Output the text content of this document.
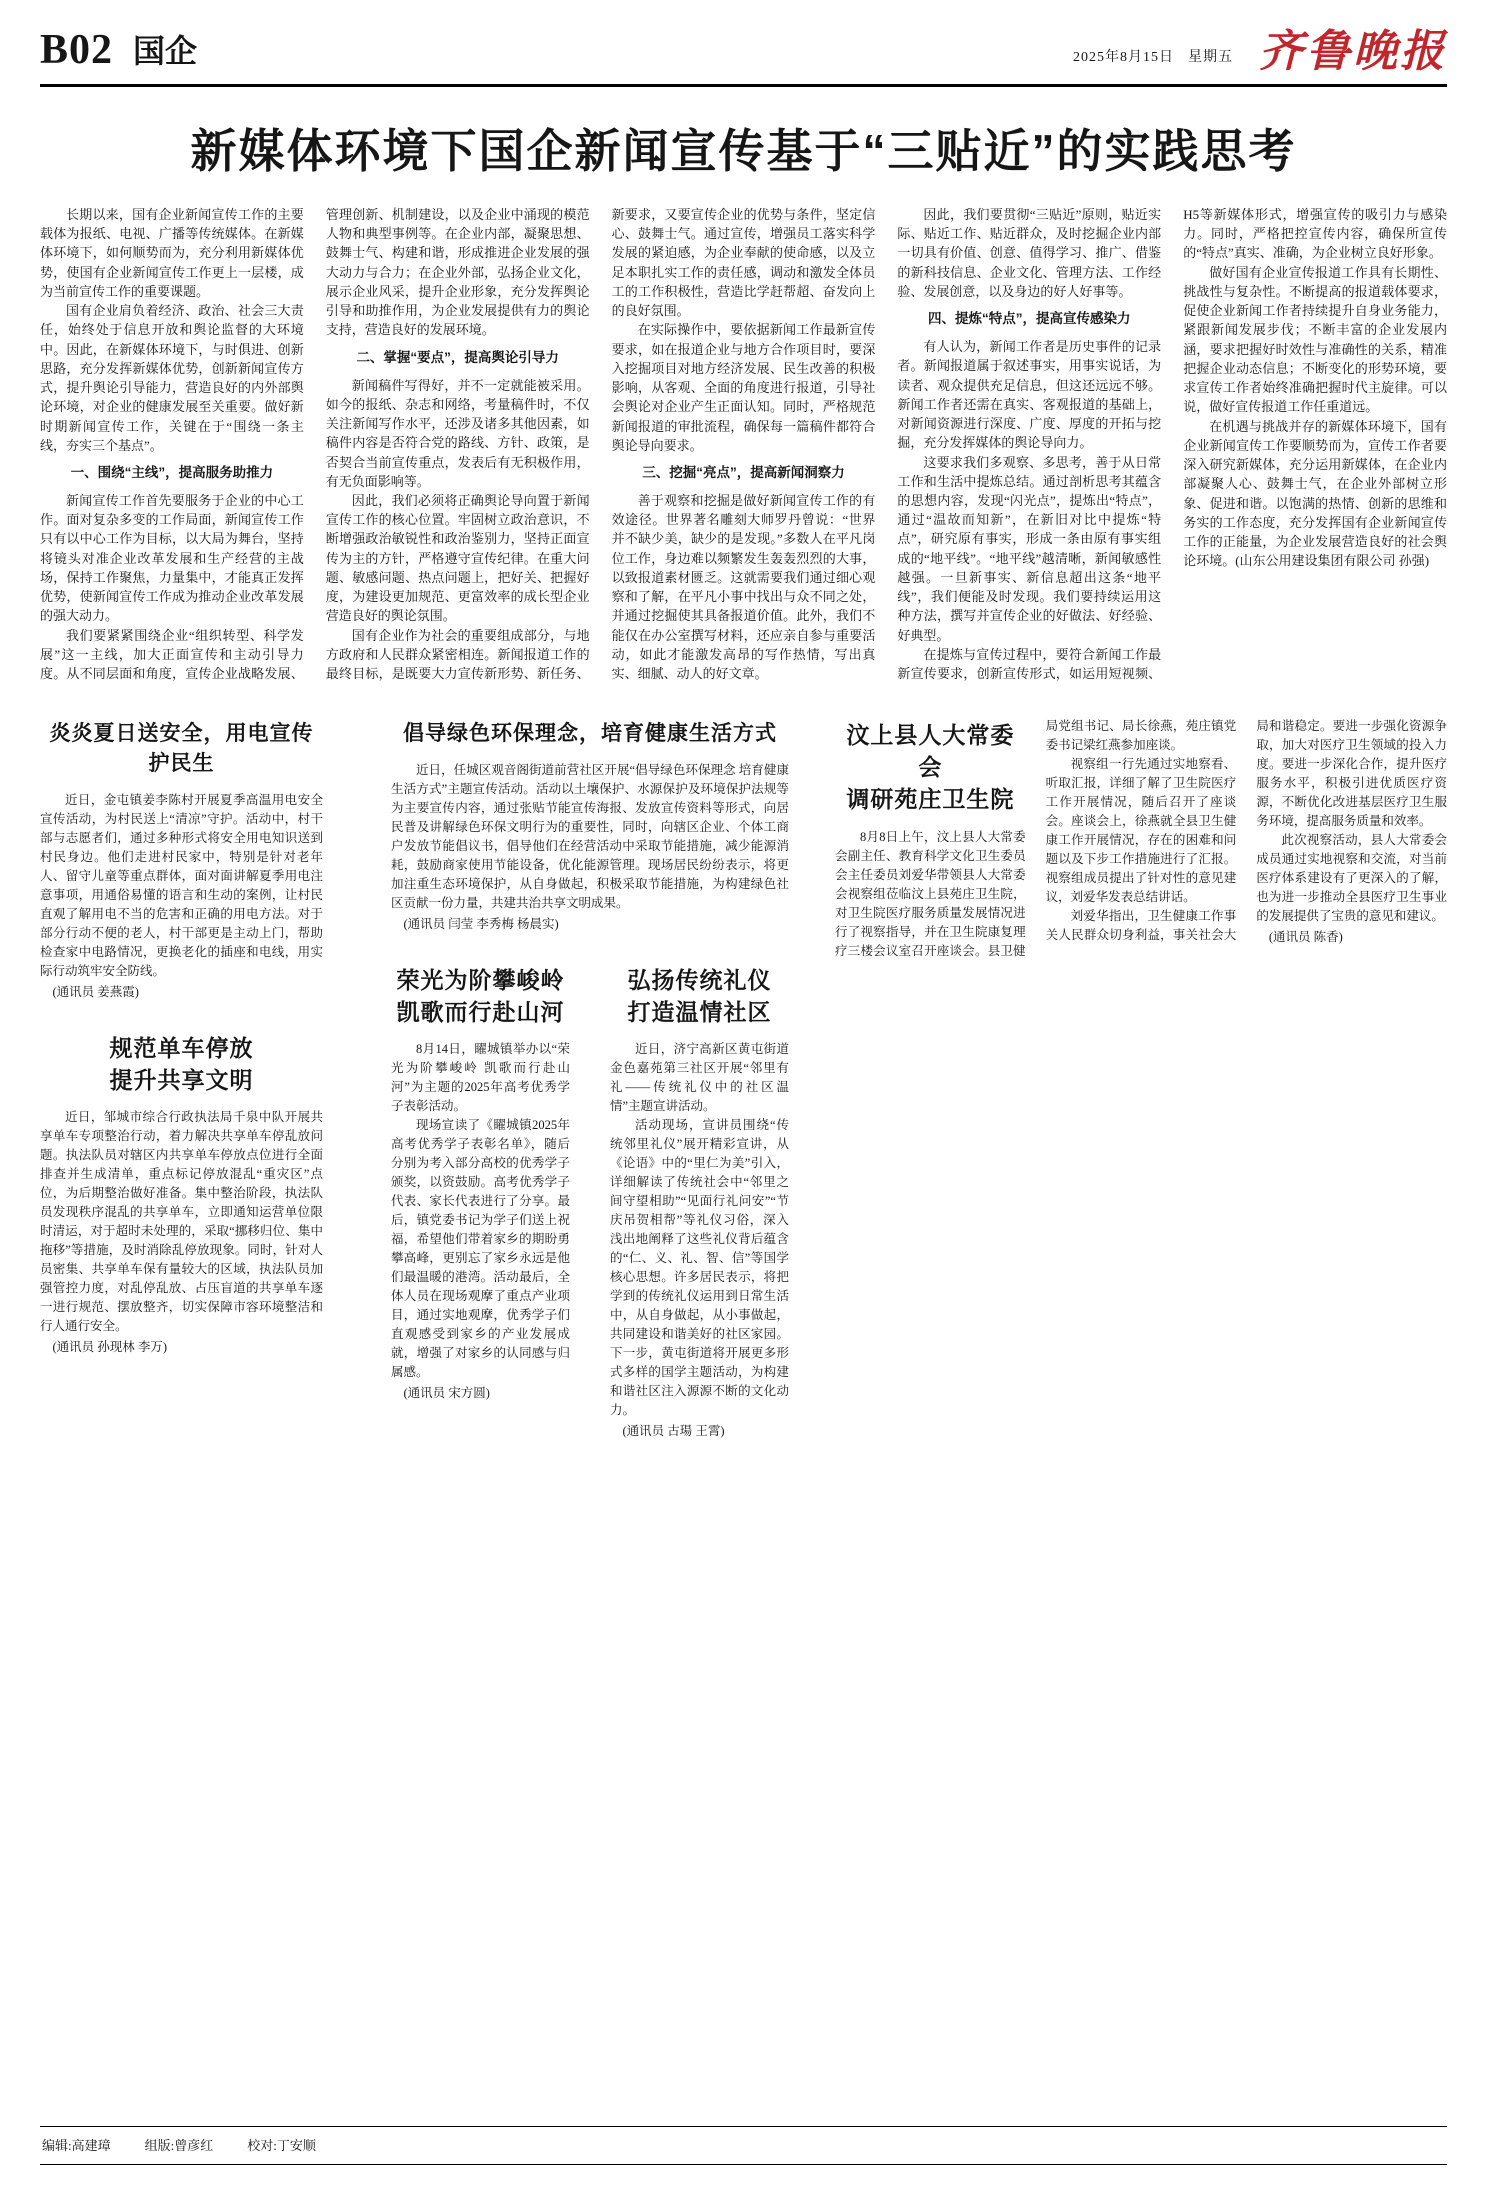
B02 国企	2025年8月15日 星期五 齐鲁晚报
新媒体环境下国企新闻宣传基于“三贴近”的实践思考

长期以来，国有企业新闻宣传工作的主要载体为报纸、电视、广播等传统媒体。在新媒体环境下，如何顺势而为，充分利用新媒体优势，使国有企业新闻宣传工作更上一层楼，成为当前宣传工作的重要课题。

国有企业肩负着经济、政治、社会三大责任，始终处于信息开放和舆论监督的大环境中。因此，在新媒体环境下，与时俱进、创新思路，充分发挥新媒体优势，创新新闻宣传方式，提升舆论引导能力，营造良好的内外部舆论环境，对企业的健康发展至关重要。做好新时期新闻宣传工作，关键在于“围绕一条主线，夯实三个基点”。

一、围绕“主线”，提高服务助推力

新闻宣传工作首先要服务于企业的中心工作。面对复杂多变的工作局面，新闻宣传工作只有以中心工作为目标，以大局为舞台，坚持将镜头对准企业改革发展和生产经营的主战场，保持工作聚焦，力量集中，才能真正发挥优势，使新闻宣传工作成为推动企业改革发展的强大动力。

我们要紧紧围绕企业“组织转型、科学发展”这一主线，加大正面宣传和主动引导力度。从不同层面和角度，宣传企业战略发展、管理创新、机制建设，以及企业中涌现的模范人物和典型事例等。在企业内部，凝聚思想、鼓舞士气、构建和谐，形成推进企业发展的强大动力与合力；在企业外部，弘扬企业文化，展示企业风采，提升企业形象，充分发挥舆论引导和助推作用，为企业发展提供有力的舆论支持，营造良好的发展环境。

二、掌握“要点”，提高舆论引导力

新闻稿件写得好，并不一定就能被采用。如今的报纸、杂志和网络，考量稿件时，不仅关注新闻写作水平，还涉及诸多其他因素，如稿件内容是否符合党的路线、方针、政策，是否契合当前宣传重点，发表后有无积极作用，有无负面影响等。

因此，我们必须将正确舆论导向置于新闻宣传工作的核心位置。牢固树立政治意识，不断增强政治敏锐性和政治鉴别力，坚持正面宣传为主的方针，严格遵守宣传纪律。在重大问题、敏感问题、热点问题上，把好关、把握好度，为建设更加规范、更富效率的成长型企业营造良好的舆论氛围。

国有企业作为社会的重要组成部分，与地方政府和人民群众紧密相连。新闻报道工作的最终目标，是既要大力宣传新形势、新任务、新要求，又要宣传企业的优势与条件，坚定信心、鼓舞士气。通过宣传，增强员工落实科学发展的紧迫感，为企业奉献的使命感，以及立足本职扎实工作的责任感，调动和激发全体员工的工作积极性，营造比学赶帮超、奋发向上的良好氛围。

在实际操作中，要依据新闻工作最新宣传要求，如在报道企业与地方合作项目时，要深入挖掘项目对地方经济发展、民生改善的积极影响，从客观、全面的角度进行报道，引导社会舆论对企业产生正面认知。同时，严格规范新闻报道的审批流程，确保每一篇稿件都符合舆论导向要求。

三、挖掘“亮点”，提高新闻洞察力

善于观察和挖掘是做好新闻宣传工作的有效途径。世界著名雕刻大师罗丹曾说：“世界并不缺少美，缺少的是发现。”多数人在平凡岗位工作，身边难以频繁发生轰轰烈烈的大事，以致报道素材匮乏。这就需要我们通过细心观察和了解，在平凡小事中找出与众不同之处，并通过挖掘使其具备报道价值。此外，我们不能仅在办公室撰写材料，还应亲自参与重要活动，如此才能激发高昂的写作热情，写出真实、细腻、动人的好文章。

因此，我们要贯彻“三贴近”原则，贴近实际、贴近工作、贴近群众，及时挖掘企业内部一切具有价值、创意、值得学习、推广、借鉴的新科技信息、企业文化、管理方法、工作经验、发展创意，以及身边的好人好事等。

四、提炼“特点”，提高宣传感染力

有人认为，新闻工作者是历史事件的记录者。新闻报道属于叙述事实，用事实说话，为读者、观众提供充足信息，但这还远远不够。新闻工作者还需在真实、客观报道的基础上，对新闻资源进行深度、广度、厚度的开拓与挖掘，充分发挥媒体的舆论导向力。

这要求我们多观察、多思考，善于从日常工作和生活中提炼总结。通过剖析思考其蕴含的思想内容，发现“闪光点”，提炼出“特点”，通过“温故而知新”，在新旧对比中提炼“特点”，研究原有事实，形成一条由原有事实组成的“地平线”。“地平线”越清晰，新闻敏感性越强。一旦新事实、新信息超出这条“地平线”，我们便能及时发现。我们要持续运用这种方法，撰写并宣传企业的好做法、好经验、好典型。

在提炼与宣传过程中，要符合新闻工作最新宣传要求，创新宣传形式，如运用短视频、H5等新媒体形式，增强宣传的吸引力与感染力。同时，严格把控宣传内容，确保所宣传的“特点”真实、准确，为企业树立良好形象。

做好国有企业宣传报道工作具有长期性、挑战性与复杂性。不断提高的报道载体要求，促使企业新闻工作者持续提升自身业务能力，紧跟新闻发展步伐；不断丰富的企业发展内涵，要求把握好时效性与准确性的关系，精准把握企业动态信息；不断变化的形势环境，要求宣传工作者始终准确把握时代主旋律。可以说，做好宣传报道工作任重道远。

在机遇与挑战并存的新媒体环境下，国有企业新闻宣传工作要顺势而为，宣传工作者要深入研究新媒体，充分运用新媒体，在企业内部凝聚人心、鼓舞士气，在企业外部树立形象、促进和谐。以饱满的热情、创新的思维和务实的工作态度，充分发挥国有企业新闻宣传工作的正能量，为企业发展营造良好的社会舆论环境。(山东公用建设集团有限公司 孙强)

炎炎夏日送安全，用电宣传护民生

近日，金屯镇姜李陈村开展夏季高温用电安全宣传活动，为村民送上“清凉”守护。活动中，村干部与志愿者们，通过多种形式将安全用电知识送到村民身边。他们走进村民家中，特别是针对老年人、留守儿童等重点群体，面对面讲解夏季用电注意事项，用通俗易懂的语言和生动的案例，让村民直观了解用电不当的危害和正确的用电方法。对于部分行动不便的老人，村干部更是主动上门，帮助检查家中电路情况，更换老化的插座和电线，用实际行动筑牢安全防线。

(通讯员 姜燕霞)

规范单车停放
提升共享文明

近日，邹城市综合行政执法局千泉中队开展共享单车专项整治行动，着力解决共享单车停乱放问题。执法队员对辖区内共享单车停放点位进行全面排查并生成清单，重点标记停放混乱“重灾区”点位，为后期整治做好准备。集中整治阶段，执法队员发现秩序混乱的共享单车，立即通知运营单位限时清运，对于超时未处理的，采取“挪移归位、集中拖移”等措施，及时消除乱停放现象。同时，针对人员密集、共享单车保有量较大的区域，执法队员加强管控力度，对乱停乱放、占压盲道的共享单车逐一进行规范、摆放整齐，切实保障市容环境整洁和行人通行安全。

(通讯员 孙现林 李万)

倡导绿色环保理念，培育健康生活方式

近日，任城区观音阁街道前营社区开展“倡导绿色环保理念 培育健康生活方式”主题宣传活动。活动以土壤保护、水源保护及环境保护法规等为主要宣传内容，通过张贴节能宣传海报、发放宣传资料等形式，向居民普及讲解绿色环保文明行为的重要性，同时，向辖区企业、个体工商户发放节能倡议书，倡导他们在经营活动中采取节能措施，减少能源消耗，鼓励商家使用节能设备，优化能源管理。现场居民纷纷表示，将更加注重生态环境保护，从自身做起，积极采取节能措施，为构建绿色社区贡献一份力量，共建共治共享文明成果。

(通讯员 闫莹 李秀梅 杨晨实)

荣光为阶攀峻岭
凯歌而行赴山河

8月14日，矅城镇举办以“荣光为阶攀峻岭 凯歌而行赴山河”为主题的2025年高考优秀学子表彰活动。

现场宣读了《矅城镇2025年高考优秀学子表彰名单》，随后分别为考入部分高校的优秀学子颁奖，以资鼓励。高考优秀学子代表、家长代表进行了分享。最后，镇党委书记为学子们送上祝福，希望他们带着家乡的期盼勇攀高峰，更别忘了家乡永远是他们最温暖的港湾。活动最后，全体人员在现场观摩了重点产业项目，通过实地观摩，优秀学子们直观感受到家乡的产业发展成就，增强了对家乡的认同感与归属感。

(通讯员 宋方圆)

弘扬传统礼仪
打造温情社区

近日，济宁高新区黄屯街道金色嘉苑第三社区开展“邻里有礼——传统礼仪中的社区温情”主题宣讲活动。

活动现场，宣讲员围绕“传统邻里礼仪”展开精彩宣讲，从《论语》中的“里仁为美”引入，详细解读了传统社会中“邻里之间守望相助”“见面行礼问安”“节庆吊贺相帮”等礼仪习俗，深入浅出地阐释了这些礼仪背后蕴含的“仁、义、礼、智、信”等国学核心思想。许多居民表示，将把学到的传统礼仪运用到日常生活中，从自身做起，从小事做起，共同建设和谐美好的社区家园。下一步，黄屯街道将开展更多形式多样的国学主题活动，为构建和谐社区注入源源不断的文化动力。

(通讯员 古瑒 王霄)

汶上县人大常委会
调研苑庄卫生院

8月8日上午，汶上县人大常委会副主任、教育科学文化卫生委员会主任委员刘爱华带领县人大常委会视察组莅临汶上县苑庄卫生院，对卫生院医疗服务质量发展情况进行了视察指导，并在卫生院康复理疗三楼会议室召开座谈会。县卫健局党组书记、局长徐燕，苑庄镇党委书记梁红燕参加座谈。

视察组一行先通过实地察看、听取汇报，详细了解了卫生院医疗工作开展情况，随后召开了座谈会。座谈会上，徐燕就全县卫生健康工作开展情况，存在的困难和问题以及下步工作措施进行了汇报。视察组成员提出了针对性的意见建议，刘爱华发表总结讲话。

刘爱华指出，卫生健康工作事关人民群众切身利益，事关社会大局和谐稳定。要进一步强化资源争取，加大对医疗卫生领域的投入力度。要进一步深化合作，提升医疗服务水平，积极引进优质医疗资源，不断优化改进基层医疗卫生服务环境，提高服务质量和效率。

此次视察活动，县人大常委会成员通过实地视察和交流，对当前医疗体系建设有了更深入的了解，也为进一步推动全县医疗卫生事业的发展提供了宝贵的意见和建议。

(通讯员 陈香)

编辑:高建璋	组版:曾彦红	校对:丁安顺
